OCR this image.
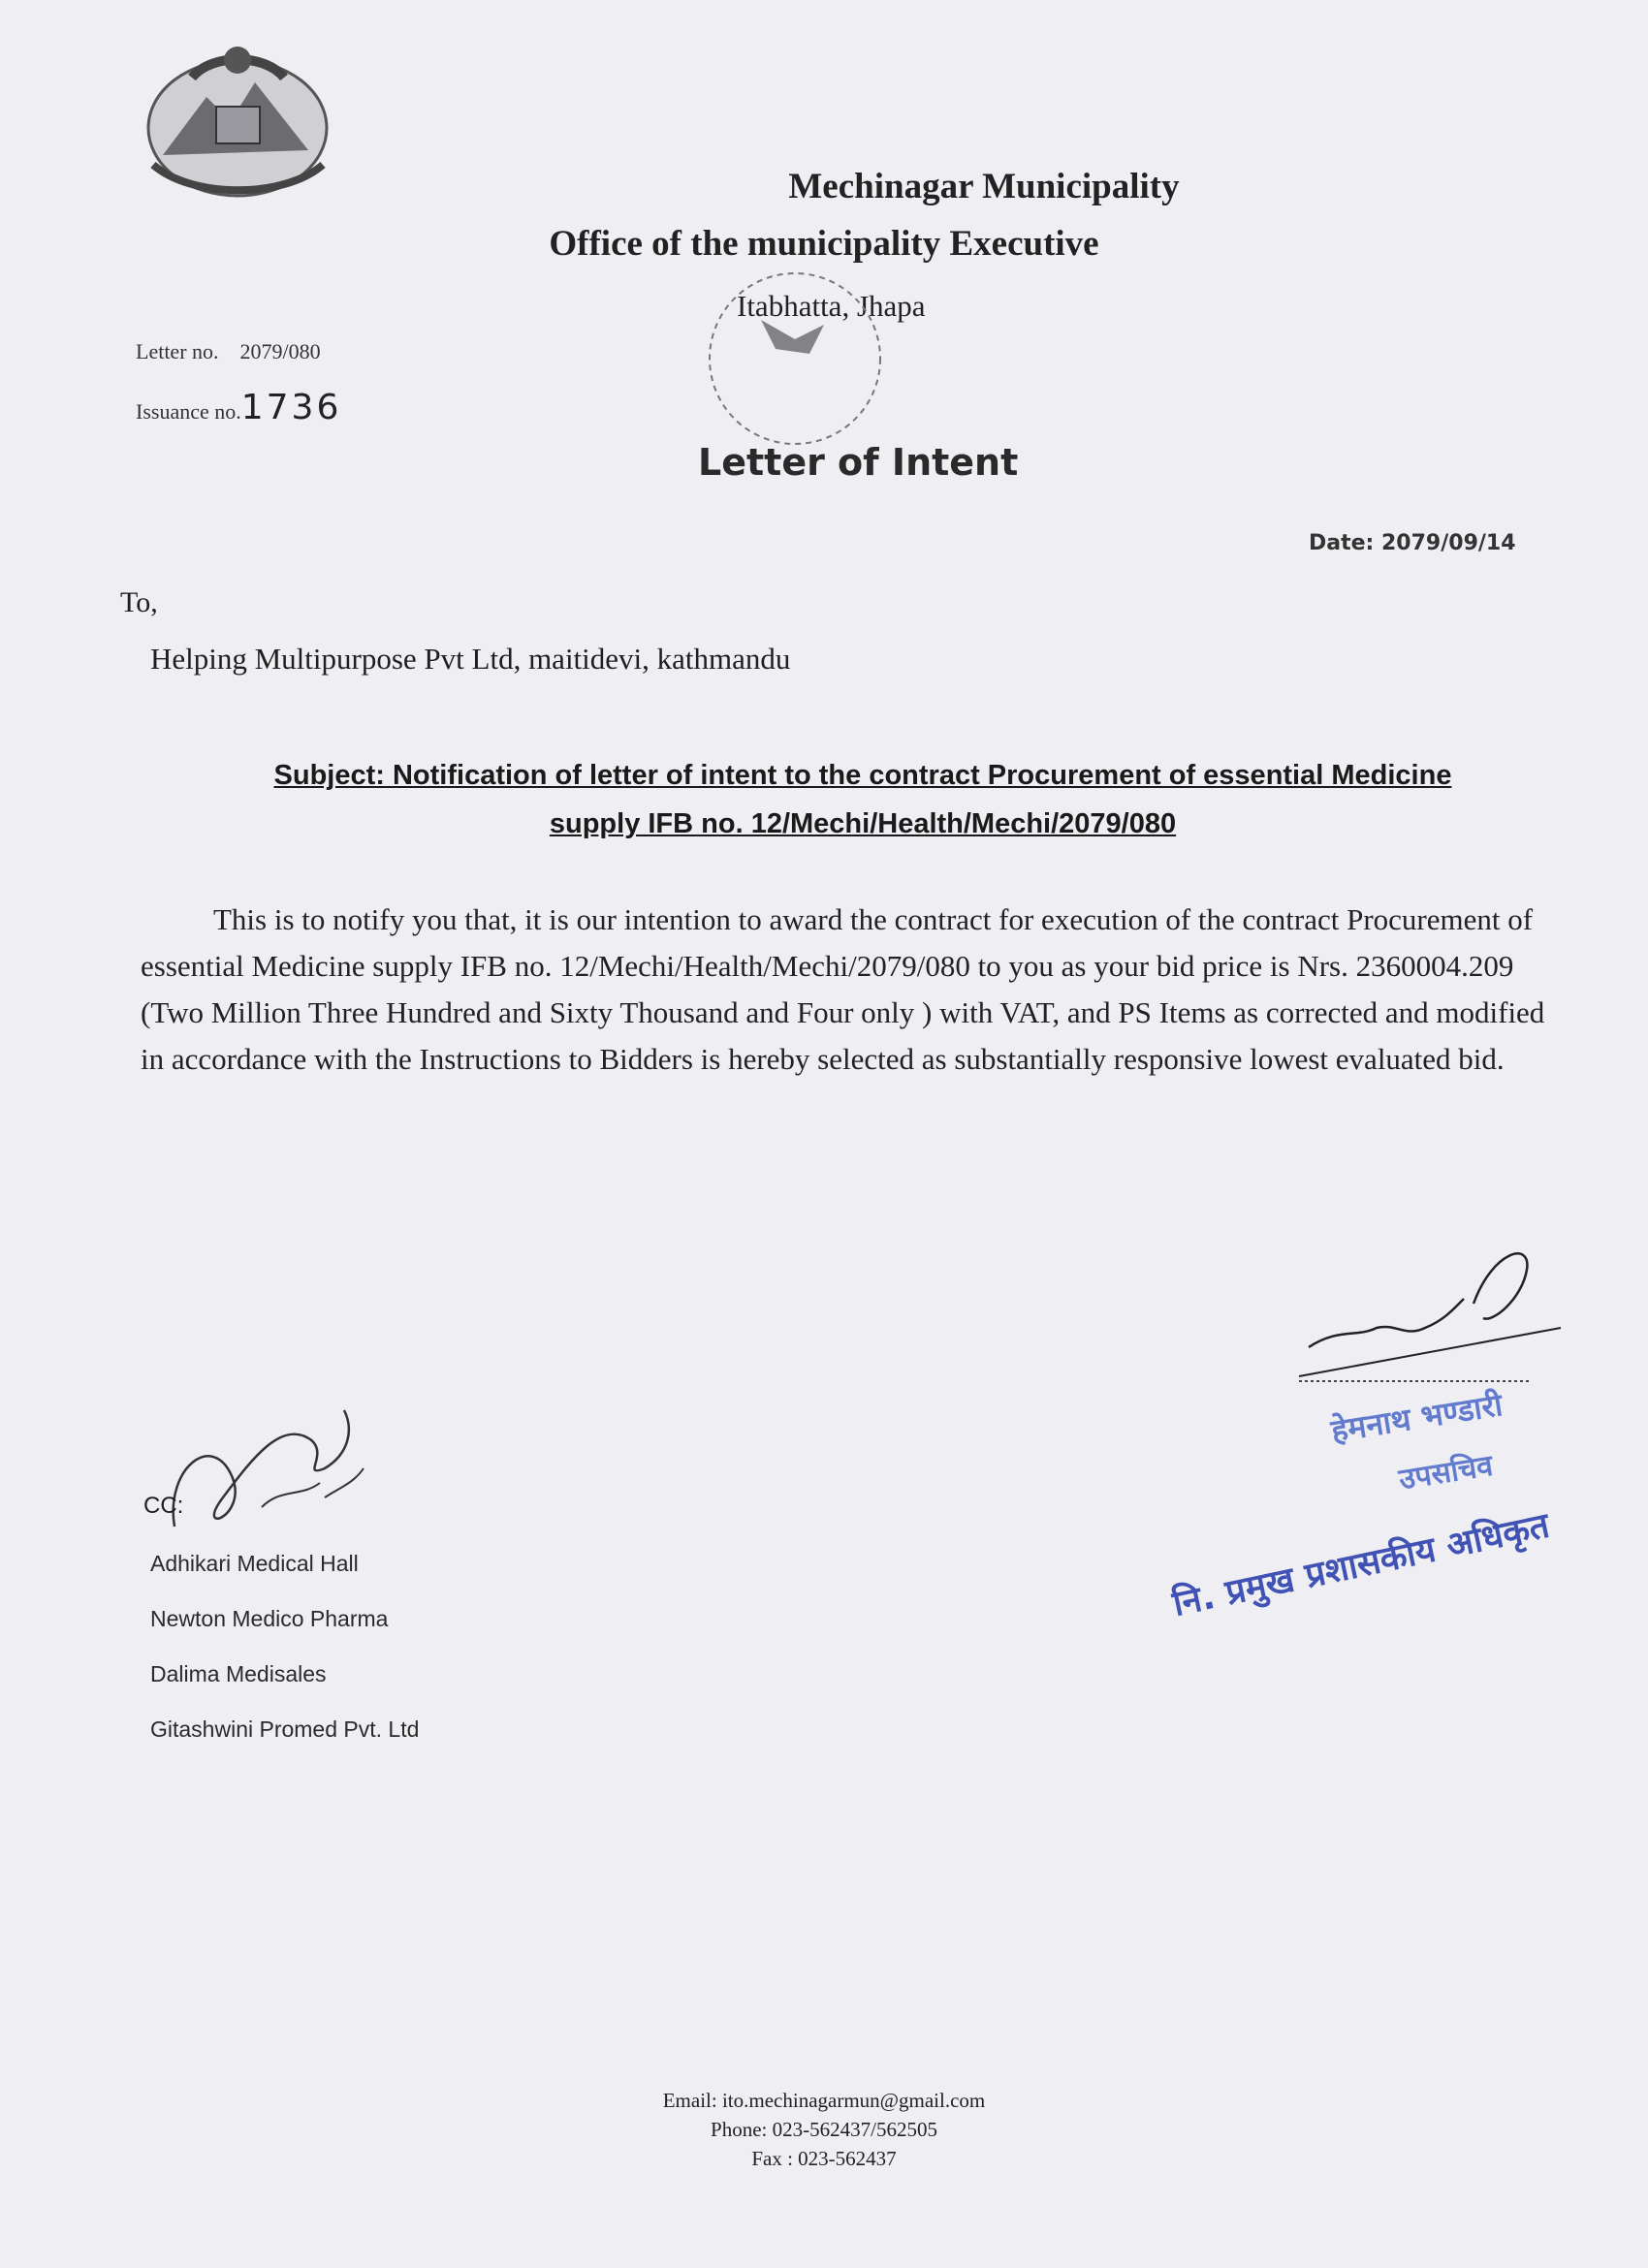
Mechinagar Municipality
Office of the municipality Executive
Itabhatta, Jhapa
Letter no. 2079/080
Issuance no.1736
Letter of Intent
Date: 2079/09/14
To,
Helping Multipurpose Pvt Ltd, maitidevi, kathmandu
Subject: Notification of letter of intent to the contract Procurement of essential Medicine
supply IFB no. 12/Mechi/Health/Mechi/2079/080
This is to notify you that, it is our intention to award the contract for execution of the contract Procurement of essential Medicine supply IFB no. 12/Mechi/Health/Mechi/2079/080 to you as your bid price is Nrs. 2360004.209 (Two Million Three Hundred and Sixty Thousand and Four only ) with VAT, and PS Items as corrected and modified in accordance with the Instructions to Bidders is hereby selected as substantially responsive lowest evaluated bid.
CC:
Adhikari Medical Hall
Newton Medico Pharma
Dalima Medisales
Gitashwini Promed Pvt. Ltd
हेमनाथ भण्डारी
उपसचिव
नि. प्रमुख प्रशासकीय अधिकृत
Email: ito.mechinagarmun@gmail.com
Phone: 023-562437/562505
Fax : 023-562437
